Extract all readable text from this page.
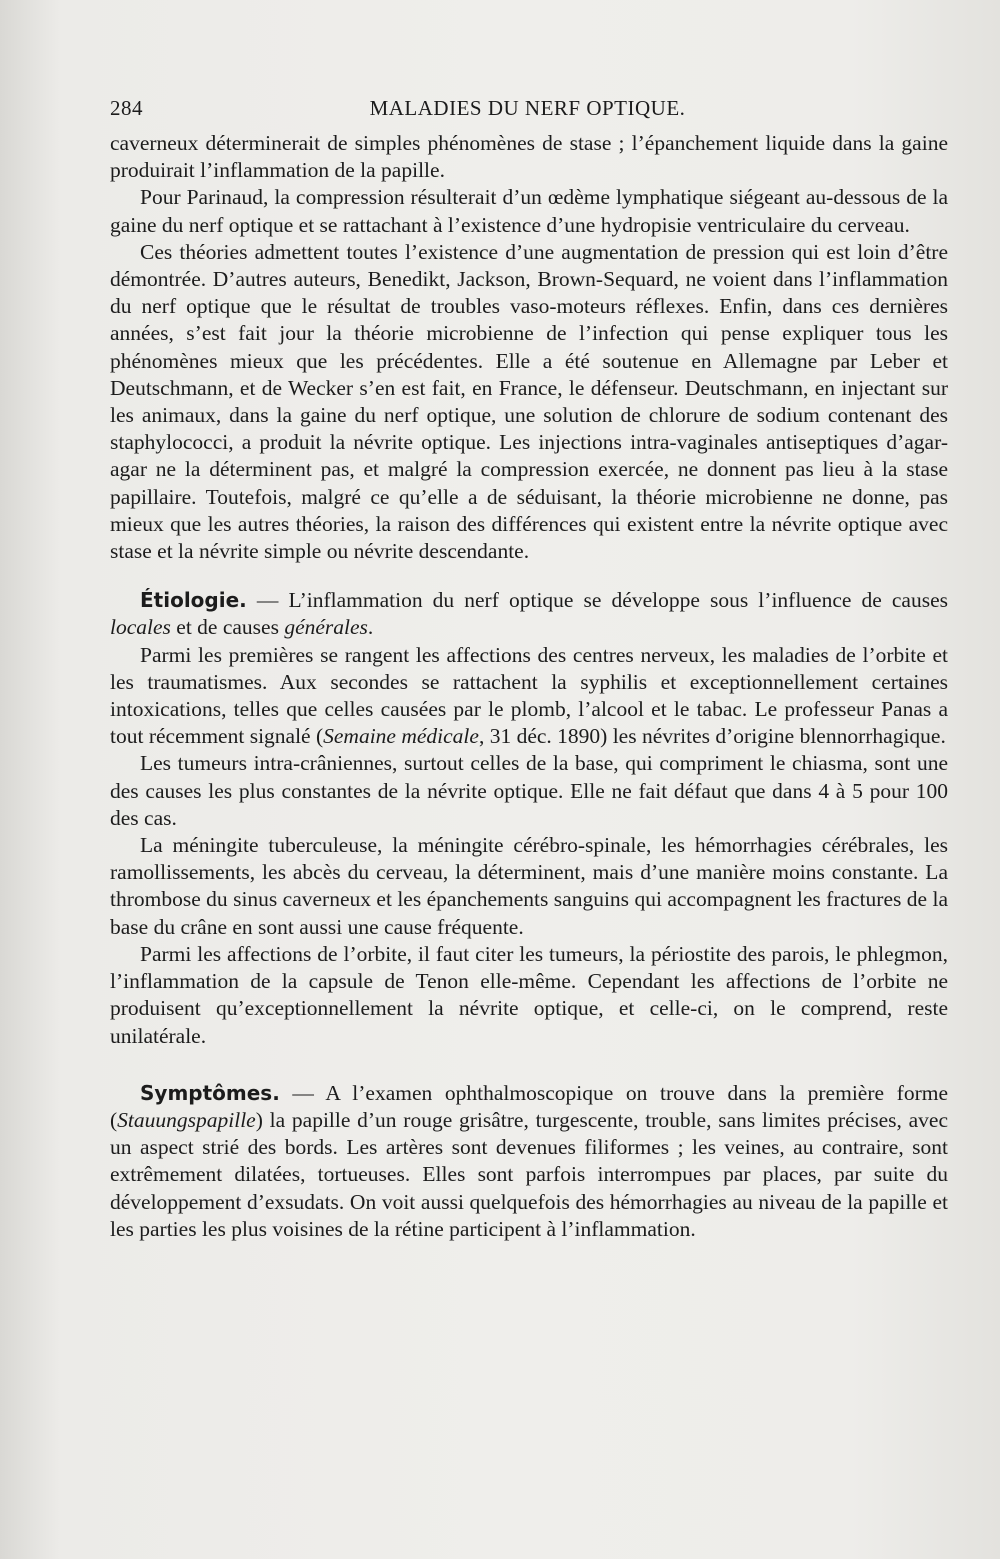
284	MALADIES DU NERF OPTIQUE.

caverneux déterminerait de simples phénomènes de stase ; l’épanchement liquide dans la gaine produirait l’inflammation de la papille.

Pour Parinaud, la compression résulterait d’un œdème lymphatique siégeant au-dessous de la gaine du nerf optique et se rattachant à l’existence d’une hydropisie ventriculaire du cerveau.

Ces théories admettent toutes l’existence d’une augmentation de pression qui est loin d’être démontrée. D’autres auteurs, Benedikt, Jackson, Brown-Sequard, ne voient dans l’inflammation du nerf optique que le résultat de troubles vaso-moteurs réflexes. Enfin, dans ces dernières années, s’est fait jour la théorie microbienne de l’infection qui pense expliquer tous les phénomènes mieux que les précédentes. Elle a été soutenue en Allemagne par Leber et Deutschmann, et de Wecker s’en est fait, en France, le défenseur. Deutschmann, en injectant sur les animaux, dans la gaine du nerf optique, une solution de chlorure de sodium contenant des staphylococci, a produit la névrite optique. Les injections intra-vaginales antiseptiques d’agar-agar ne la déterminent pas, et malgré la compression exercée, ne donnent pas lieu à la stase papillaire. Toutefois, malgré ce qu’elle a de séduisant, la théorie microbienne ne donne, pas mieux que les autres théories, la raison des différences qui existent entre la névrite optique avec stase et la névrite simple ou névrite descendante.

Étiologie. — L’inflammation du nerf optique se développe sous l’influence de causes locales et de causes générales.

Parmi les premières se rangent les affections des centres nerveux, les maladies de l’orbite et les traumatismes. Aux secondes se rattachent la syphilis et exceptionnellement certaines intoxications, telles que celles causées par le plomb, l’alcool et le tabac. Le professeur Panas a tout récemment signalé (Semaine médicale, 31 déc. 1890) les névrites d’origine blennorrhagique.

Les tumeurs intra-crâniennes, surtout celles de la base, qui compriment le chiasma, sont une des causes les plus constantes de la névrite optique. Elle ne fait défaut que dans 4 à 5 pour 100 des cas.

La méningite tuberculeuse, la méningite cérébro-spinale, les hémorrhagies cérébrales, les ramollissements, les abcès du cerveau, la déterminent, mais d’une manière moins constante. La thrombose du sinus caverneux et les épanchements sanguins qui accompagnent les fractures de la base du crâne en sont aussi une cause fréquente.

Parmi les affections de l’orbite, il faut citer les tumeurs, la périostite des parois, le phlegmon, l’inflammation de la capsule de Tenon elle-même. Cependant les affections de l’orbite ne produisent qu’exceptionnellement la névrite optique, et celle-ci, on le comprend, reste unilatérale.

Symptômes. — A l’examen ophthalmoscopique on trouve dans la première forme (Stauungspapille) la papille d’un rouge grisâtre, turgescente, trouble, sans limites précises, avec un aspect strié des bords. Les artères sont devenues filiformes ; les veines, au contraire, sont extrêmement dilatées, tortueuses. Elles sont parfois interrompues par places, par suite du développement d’exsudats. On voit aussi quelquefois des hémorrhagies au niveau de la papille et les parties les plus voisines de la rétine participent à l’inflammation.
